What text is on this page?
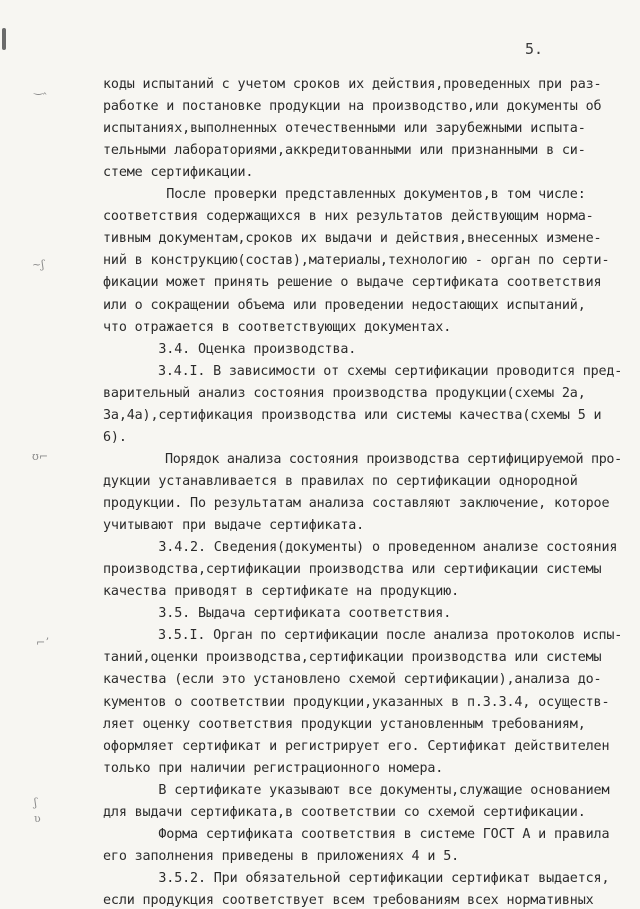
‿‸
~ʃ
ʊ⌐
⌐ʼ
ʃ
ʋ
5.
коды испытаний с учетом сроков их действия,проведенных при раз-
работке и постановке продукции на производство,или документы об
испытаниях,выполненных отечественными или зарубежными испыта-
тельными лабораториями,аккредитованными или признанными в си-
стеме сертификации.
После проверки представленных документов,в том числе:
соответствия содержащихся в них результатов действующим норма-
тивным документам,сроков их выдачи и действия,внесенных измене-
ний в конструкцию(состав),материалы,технологию - орган по серти-
фикации может принять решение о выдаче сертификата соответствия
или о сокращении объема или проведении недостающих испытаний,
что отражается в соответствующих документах.
3.4. Оценка производства.
3.4.I. В зависимости от схемы сертификации проводится пред-
варительный анализ состояния производства продукции(схемы 2а,
3а,4а),сертификация производства или системы качества(схемы 5 и
6).
Порядок анализа состояния производства сертифицируемой про-
дукции устанавливается в правилах по сертификации однородной
продукции. По результатам анализа составляют заключение, которое
учитывают при выдаче сертификата.
3.4.2. Сведения(документы) о проведенном анализе состояния
производства,сертификации производства или сертификации системы
качества приводят в сертификате на продукцию.
3.5. Выдача сертификата соответствия.
3.5.I. Орган по сертификации после анализа протоколов испы-
таний,оценки производства,сертификации производства или системы
качества (если это установлено схемой сертификации),анализа до-
кументов о соответствии продукции,указанных в п.3.3.4, осуществ-
ляет оценку соответствия продукции установленным требованиям,
оформляет сертификат и регистрирует его. Сертификат действителен
только при наличии регистрационного номера.
В сертификате указывают все документы,служащие основанием
для выдачи сертификата,в соответствии со схемой сертификации.
Форма сертификата соответствия в системе ГОСТ А и правила
его заполнения приведены в приложениях 4 и 5.
3.5.2. При обязательной сертификации сертификат выдается,
если продукция соответствует всем требованиям всех нормативных
